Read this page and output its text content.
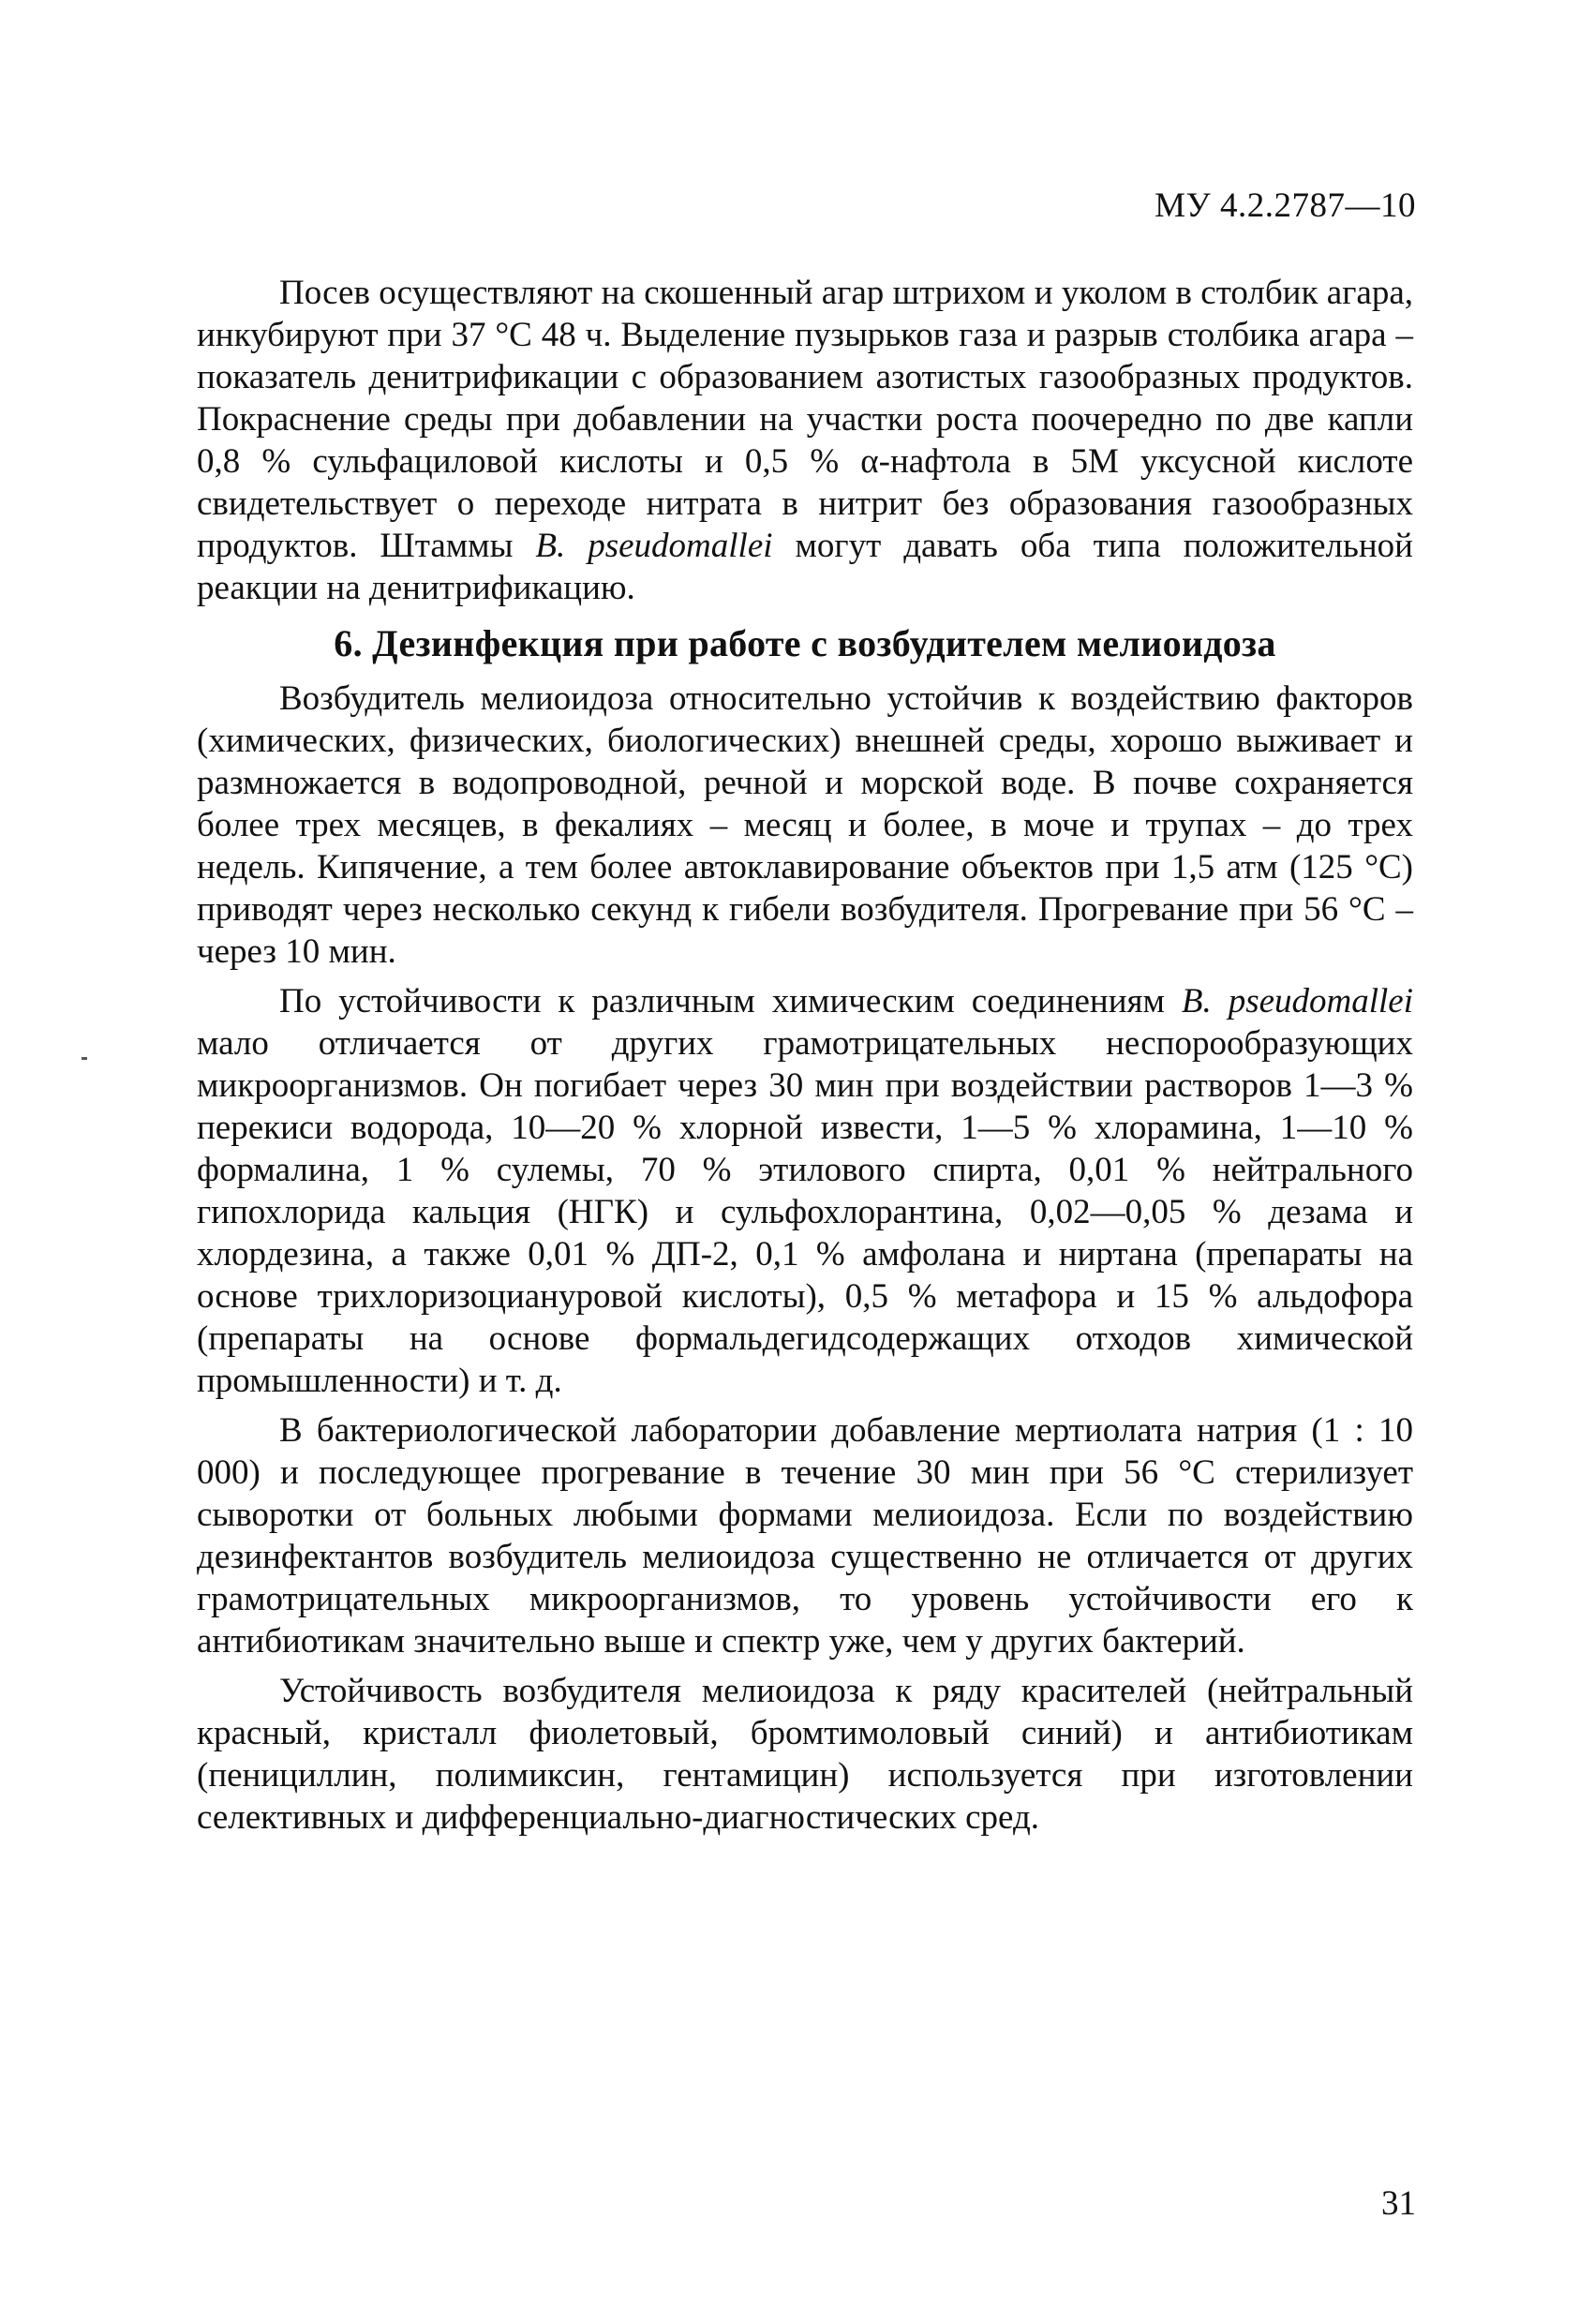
МУ 4.2.2787—10

Посев осуществляют на скошенный агар штрихом и уколом в столбик агара, инкубируют при 37 °С 48 ч. Выделение пузырьков газа и разрыв столбика агара – показатель денитрификации с образованием азотистых газообразных продуктов. Покраснение среды при добавлении на участки роста поочередно по две капли 0,8 % сульфациловой кислоты и 0,5 % α-нафтола в 5М уксусной кислоте свидетельствует о переходе нитрата в нитрит без образования газообразных продуктов. Штаммы B. pseudomallei могут давать оба типа положительной реакции на денитрификацию.

6. Дезинфекция при работе с возбудителем мелиоидоза

Возбудитель мелиоидоза относительно устойчив к воздействию факторов (химических, физических, биологических) внешней среды, хорошо выживает и размножается в водопроводной, речной и морской воде. В почве сохраняется более трех месяцев, в фекалиях – месяц и более, в моче и трупах – до трех недель. Кипячение, а тем более автоклавирование объектов при 1,5 атм (125 °С) приводят через несколько секунд к гибели возбудителя. Прогревание при 56 °С – через 10 мин.

По устойчивости к различным химическим соединениям B. pseudomallei мало отличается от других грамотрицательных неспорообразующих микроорганизмов. Он погибает через 30 мин при воздействии растворов 1—3 % перекиси водорода, 10—20 % хлорной извести, 1—5 % хлорамина, 1—10 % формалина, 1 % сулемы, 70 % этилового спирта, 0,01 % нейтрального гипохлорида кальция (НГК) и сульфохлорантина, 0,02—0,05 % дезама и хлордезина, а также 0,01 % ДП-2, 0,1 % амфолана и ниртана (препараты на основе трихлоризоциануровой кислоты), 0,5 % метафора и 15 % альдофора (препараты на основе формальдегидсодержащих отходов химической промышленности) и т. д.

В бактериологической лаборатории добавление мертиолата натрия (1 : 10 000) и последующее прогревание в течение 30 мин при 56 °С стерилизует сыворотки от больных любыми формами мелиоидоза. Если по воздействию дезинфектантов возбудитель мелиоидоза существенно не отличается от других грамотрицательных микроорганизмов, то уровень устойчивости его к антибиотикам значительно выше и спектр уже, чем у других бактерий.

Устойчивость возбудителя мелиоидоза к ряду красителей (нейтральный красный, кристалл фиолетовый, бромтимоловый синий) и антибиотикам (пенициллин, полимиксин, гентамицин) используется при изготовлении селективных и дифференциально-диагностических сред.

31
